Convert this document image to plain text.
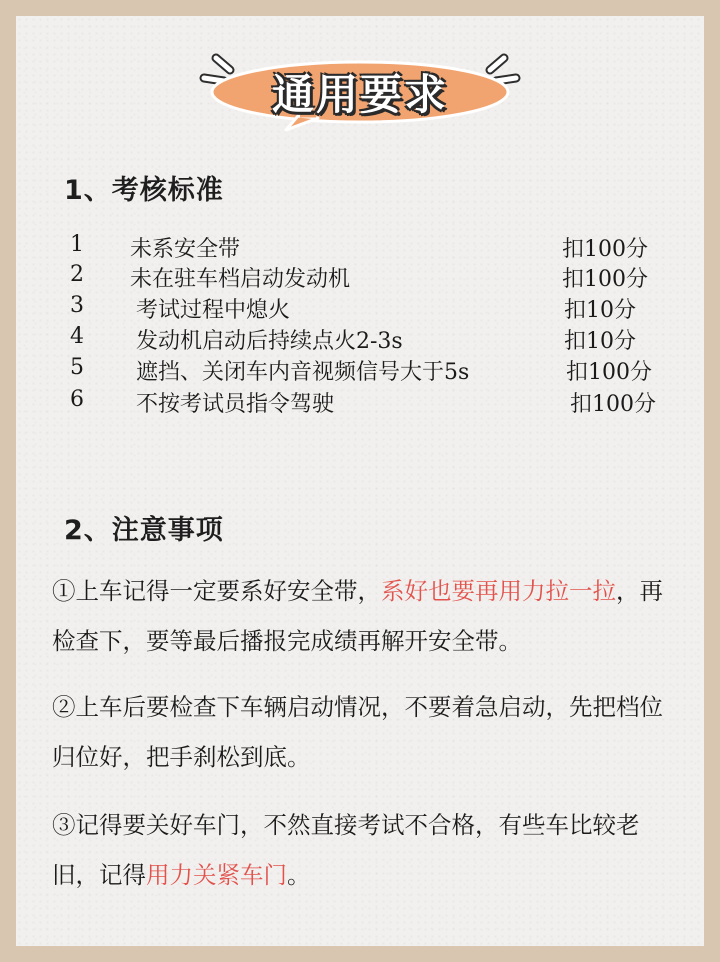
通用要求
1、考核标准
1 未系安全带	扣100分
2 未在驻车档启动发动机	扣100分
3 考试过程中熄火	扣10分
4 发动机启动后持续点火2-3s	扣10分
5 遮挡、关闭车内音视频信号大于5s	扣100分
6 不按考试员指令驾驶	扣100分
2、注意事项
①上车记得一定要系好安全带，系好也要再用力拉一拉，再检查下，要等最后播报完成绩再解开安全带。
②上车后要检查下车辆启动情况，不要着急启动，先把档位归位好，把手刹松到底。
③记得要关好车门，不然直接考试不合格，有些车比较老旧，记得用力关紧车门。
